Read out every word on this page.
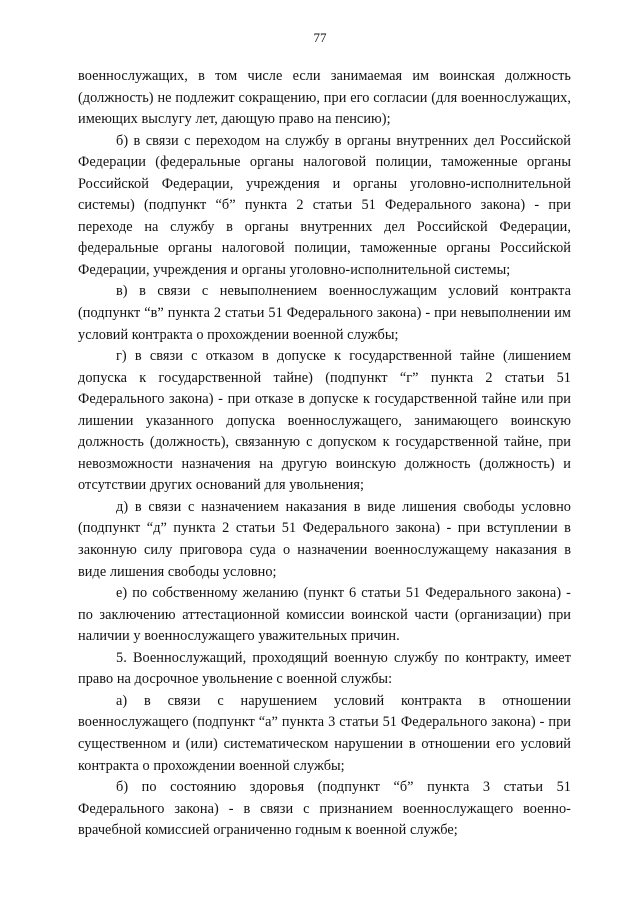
77

военнослужащих, в том числе если занимаемая им воинская должность (должность) не подлежит сокращению, при его согласии (для военнослужащих, имеющих выслугу лет, дающую право на пенсию);

б) в связи с переходом на службу в органы внутренних дел Российской Федерации (федеральные органы налоговой полиции, таможенные органы Российской Федерации, учреждения и органы уголовно-исполнительной системы) (подпункт “б” пункта 2 статьи 51 Федерального закона) - при переходе на службу в органы внутренних дел Российской Федерации, федеральные органы налоговой полиции, таможенные органы Российской Федерации, учреждения и органы уголовно-исполнительной системы;

в) в связи с невыполнением военнослужащим условий контракта (подпункт “в” пункта 2 статьи 51 Федерального закона) - при невыполнении им условий контракта о прохождении военной службы;

г) в связи с отказом в допуске к государственной тайне (лишением допуска к государственной тайне) (подпункт “г” пункта 2 статьи 51 Федерального закона) - при отказе в допуске к государственной тайне или при лишении указанного допуска военнослужащего, занимающего воинскую должность (должность), связанную с допуском к государственной тайне, при невозможности назначения на другую воинскую должность (должность) и отсутствии других оснований для увольнения;

д) в связи с назначением наказания в виде лишения свободы условно (подпункт “д” пункта 2 статьи 51 Федерального закона) - при вступлении в законную силу приговора суда о назначении военнослужащему наказания в виде лишения свободы условно;

е) по собственному желанию (пункт 6 статьи 51 Федерального закона) - по заключению аттестационной комиссии воинской части (организации) при наличии у военнослужащего уважительных причин.

5. Военнослужащий, проходящий военную службу по контракту, имеет право на досрочное увольнение с военной службы:

а) в связи с нарушением условий контракта в отношении военнослужащего (подпункт “а” пункта 3 статьи 51 Федерального закона) - при существенном и (или) систематическом нарушении в отношении его условий контракта о прохождении военной службы;

б) по состоянию здоровья (подпункт “б” пункта 3 статьи 51 Федерального закона) - в связи с признанием военнослужащего военно-врачебной комиссией ограниченно годным к военной службе;
